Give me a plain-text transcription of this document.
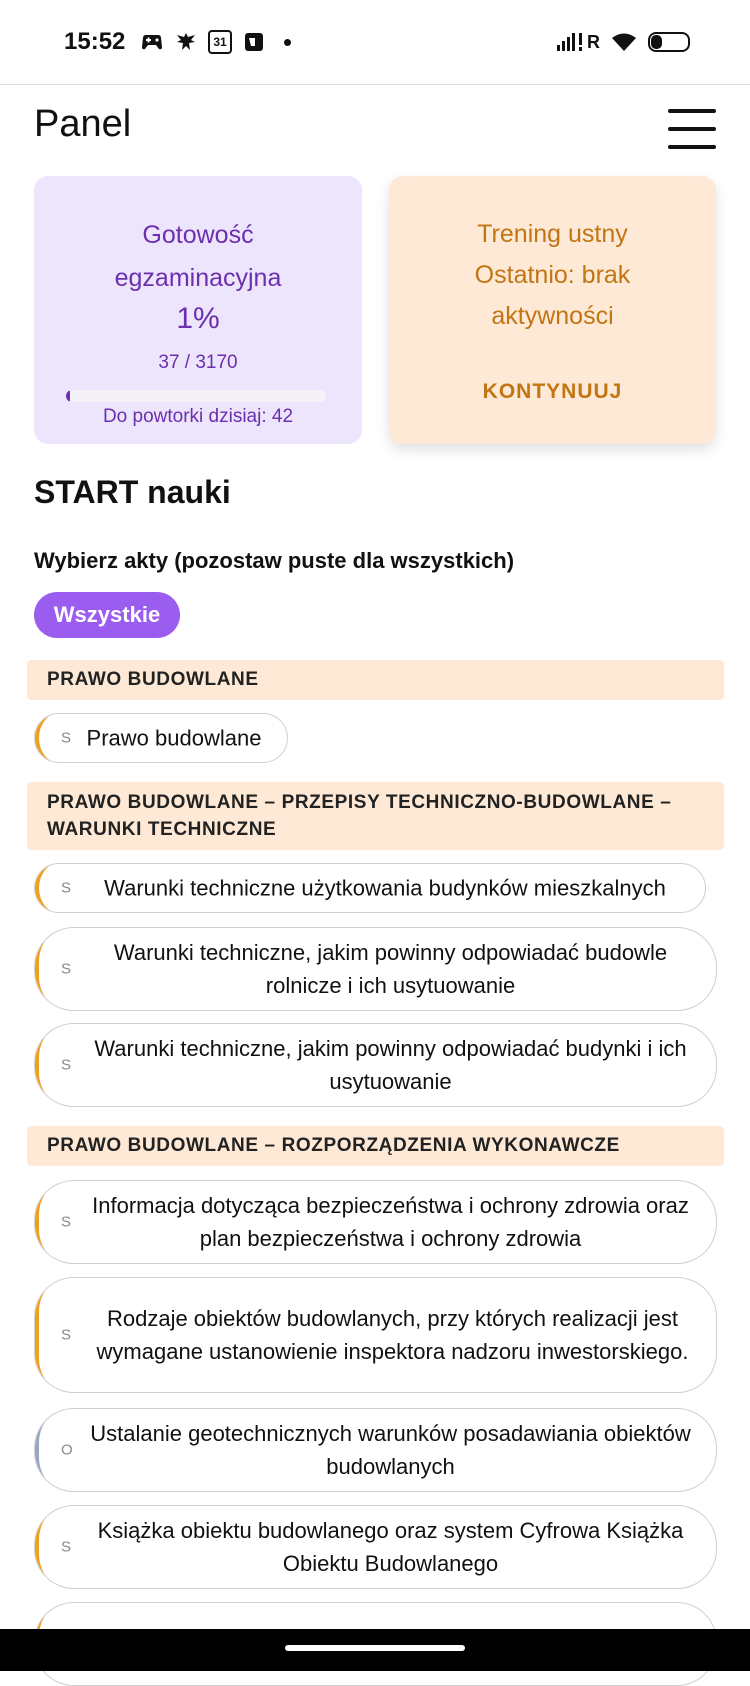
15:52	31	R
Panel
Gotowość
egzaminacyjna
1%
37 / 3170
Do powtorki dzisiaj: 42
Trening ustny
Ostatnio: brak
aktywności
KONTYNUUJ
START nauki
Wybierz akty (pozostaw puste dla wszystkich)
Wszystkie
PRAWO BUDOWLANE
S Prawo budowlane
PRAWO BUDOWLANE – PRZEPISY TECHNICZNO-BUDOWLANE –
WARUNKI TECHNICZNE
S	Warunki techniczne użytkowania budynków mieszkalnych
S
Warunki techniczne, jakim powinny odpowiadać budowle rolnicze i ich usytuowanie
S
Warunki techniczne, jakim powinny odpowiadać budynki i ich usytuowanie
PRAWO BUDOWLANE – ROZPORZĄDZENIA WYKONAWCZE
S
Informacja dotycząca bezpieczeństwa i ochrony zdrowia oraz plan bezpieczeństwa i ochrony zdrowia
S
Rodzaje obiektów budowlanych, przy których realizacji jest wymagane ustanowienie inspektora nadzoru inwestorskiego.
O
Ustalanie geotechnicznych warunków posadawiania obiektów budowlanych
S
Książka obiektu budowlanego oraz system Cyfrowa Książka Obiektu Budowlanego
